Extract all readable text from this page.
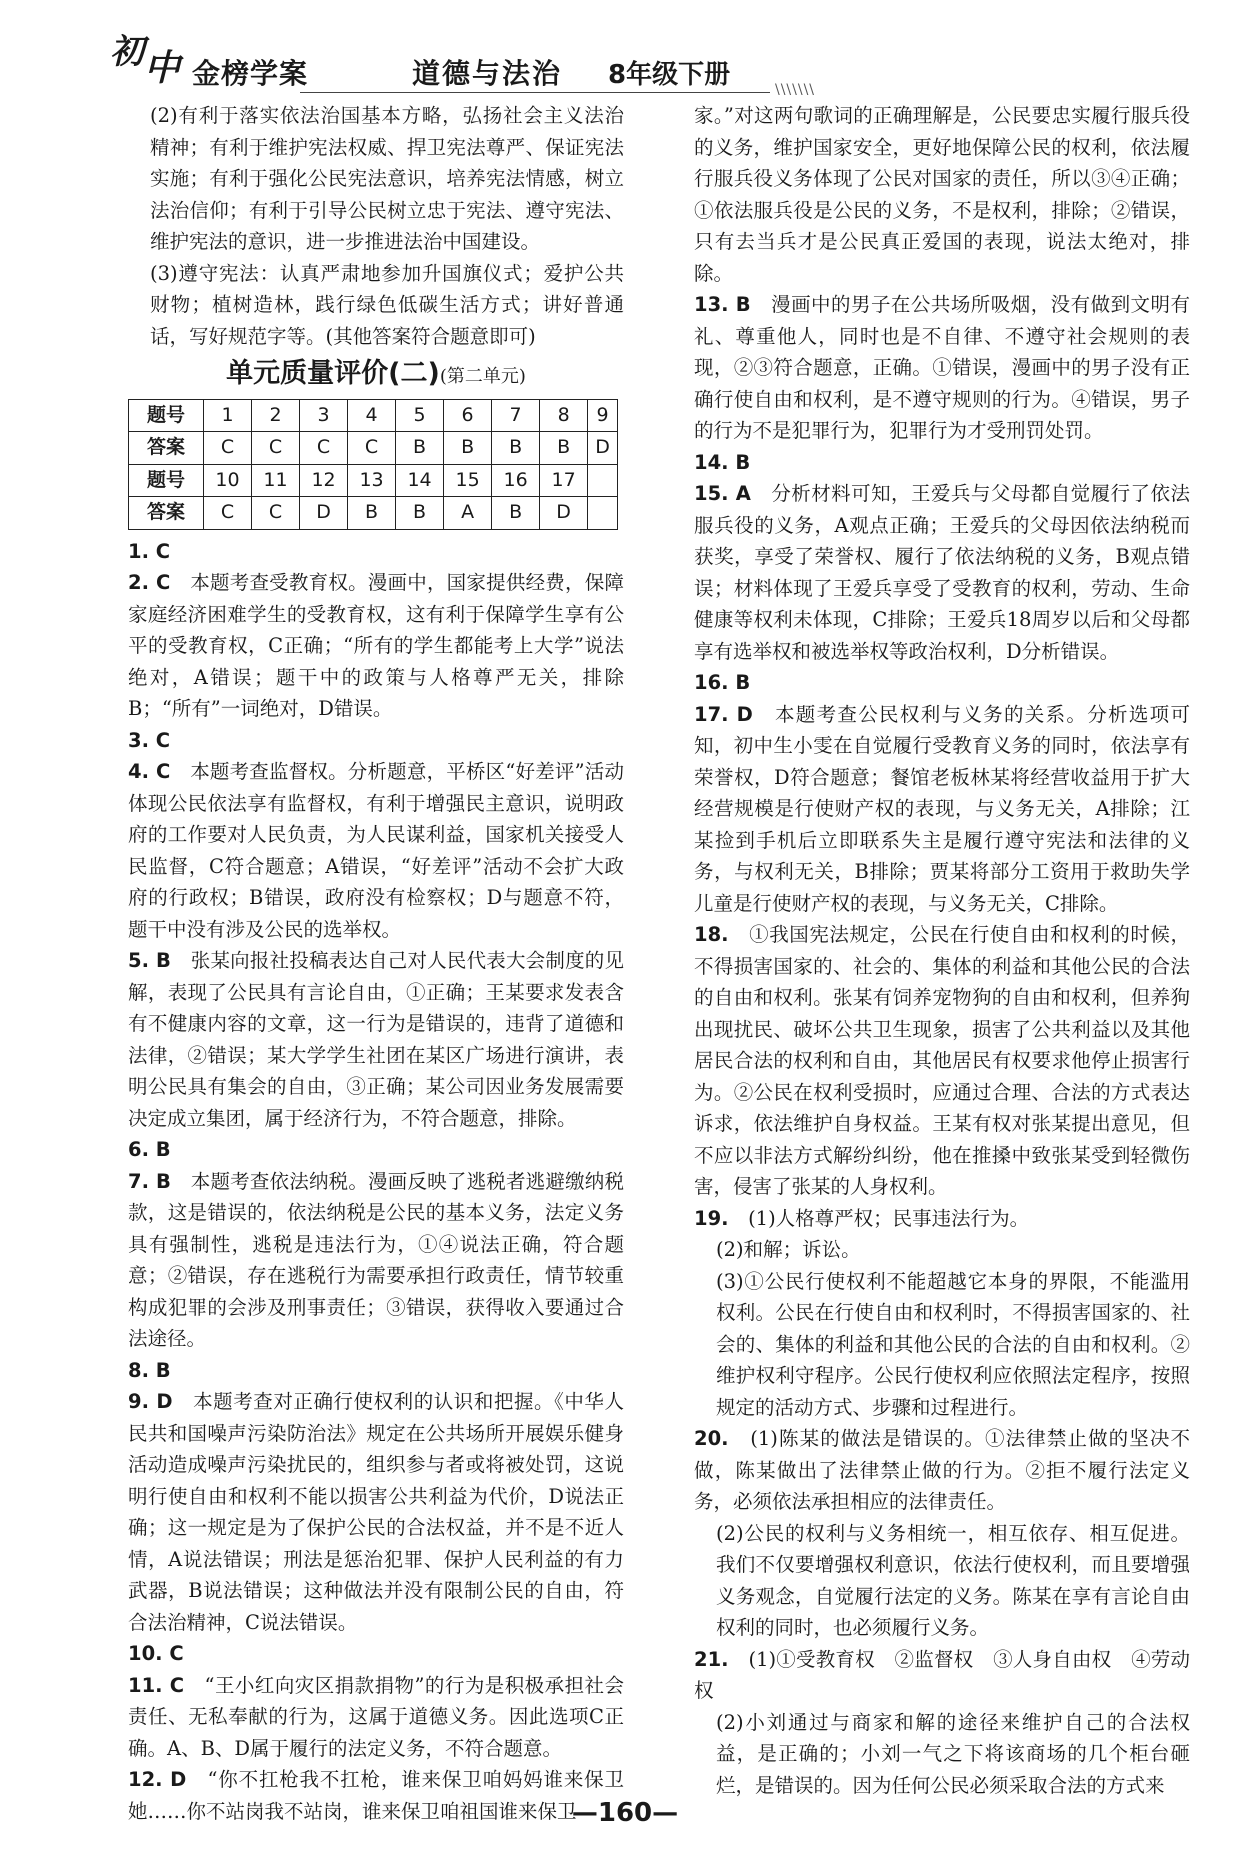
初 中 金榜学案	道德与法治 8年级下册	\\\\\\\

(2)有利于落实依法治国基本方略，弘扬社会主义法治精神；有利于维护宪法权威、捍卫宪法尊严、保证宪法实施；有利于强化公民宪法意识，培养宪法情感，树立法治信仰；有利于引导公民树立忠于宪法、遵守宪法、维护宪法的意识，进一步推进法治中国建设。

(3)遵守宪法：认真严肃地参加升国旗仪式；爱护公共财物；植树造林，践行绿色低碳生活方式；讲好普通话，写好规范字等。(其他答案符合题意即可)

单元质量评价(二)(第二单元)
题号	1	2	3	4	5	6	7	8	9
答案	C	C	C	C	B	B	B	B	D
题号	10	11	12	13	14	15	16	17	
答案	C	C	D	B	B	A	B	D	

1. C

2. C　 本题考查受教育权。漫画中，国家提供经费，保障家庭经济困难学生的受教育权，这有利于保障学生享有公平的受教育权，C正确；“所有的学生都能考上大学”说法绝对，A错误；题干中的政策与人格尊严无关，排除B；“所有”一词绝对，D错误。

3. C

4. C　 本题考查监督权。分析题意，平桥区“好差评”活动体现公民依法享有监督权，有利于增强民主意识，说明政府的工作要对人民负责，为人民谋利益，国家机关接受人民监督，C符合题意；A错误，“好差评”活动不会扩大政府的行政权；B错误，政府没有检察权；D与题意不符，题干中没有涉及公民的选举权。

5. B　 张某向报社投稿表达自己对人民代表大会制度的见解，表现了公民具有言论自由，①正确；王某要求发表含有不健康内容的文章，这一行为是错误的，违背了道德和法律，②错误；某大学学生社团在某区广场进行演讲，表明公民具有集会的自由，③正确；某公司因业务发展需要决定成立集团，属于经济行为，不符合题意，排除。

6. B

7. B　 本题考查依法纳税。漫画反映了逃税者逃避缴纳税款，这是错误的，依法纳税是公民的基本义务，法定义务具有强制性，逃税是违法行为，①④说法正确，符合题意；②错误，存在逃税行为需要承担行政责任，情节较重构成犯罪的会涉及刑事责任；③错误，获得收入要通过合法途径。

8. B

9. D　 本题考查对正确行使权利的认识和把握。《中华人民共和国噪声污染防治法》规定在公共场所开展娱乐健身活动造成噪声污染扰民的，组织参与者或将被处罚，这说明行使自由和权利不能以损害公共利益为代价，D说法正确；这一规定是为了保护公民的合法权益，并不是不近人情，A说法错误；刑法是惩治犯罪、保护人民利益的有力武器，B说法错误；这种做法并没有限制公民的自由，符合法治精神，C说法错误。

10. C

11. C　 “王小红向灾区捐款捐物”的行为是积极承担社会责任、无私奉献的行为，这属于道德义务。因此选项C正确。A、B、D属于履行的法定义务，不符合题意。

12. D　 “你不扛枪我不扛枪，谁来保卫咱妈妈谁来保卫她……你不站岗我不站岗，谁来保卫咱祖国谁来保卫

家。”对这两句歌词的正确理解是，公民要忠实履行服兵役的义务，维护国家安全，更好地保障公民的权利，依法履行服兵役义务体现了公民对国家的责任，所以③④正确；①依法服兵役是公民的义务，不是权利，排除；②错误，只有去当兵才是公民真正爱国的表现，说法太绝对，排除。

13. B　 漫画中的男子在公共场所吸烟，没有做到文明有礼、尊重他人，同时也是不自律、不遵守社会规则的表现，②③符合题意，正确。①错误，漫画中的男子没有正确行使自由和权利，是不遵守规则的行为。④错误，男子的行为不是犯罪行为，犯罪行为才受刑罚处罚。

14. B

15. A　 分析材料可知，王爱兵与父母都自觉履行了依法服兵役的义务，A观点正确；王爱兵的父母因依法纳税而获奖，享受了荣誉权、履行了依法纳税的义务，B观点错误；材料体现了王爱兵享受了受教育的权利，劳动、生命健康等权利未体现，C排除；王爱兵18周岁以后和父母都享有选举权和被选举权等政治权利，D分析错误。

16. B

17. D　 本题考查公民权利与义务的关系。分析选项可知，初中生小雯在自觉履行受教育义务的同时，依法享有荣誉权，D符合题意；餐馆老板林某将经营收益用于扩大经营规模是行使财产权的表现，与义务无关，A排除；江某捡到手机后立即联系失主是履行遵守宪法和法律的义务，与权利无关，B排除；贾某将部分工资用于救助失学儿童是行使财产权的表现，与义务无关，C排除。

18.　 ①我国宪法规定，公民在行使自由和权利的时候，不得损害国家的、社会的、集体的利益和其他公民的合法的自由和权利。张某有饲养宠物狗的自由和权利，但养狗出现扰民、破坏公共卫生现象，损害了公共利益以及其他居民合法的权利和自由，其他居民有权要求他停止损害行为。②公民在权利受损时，应通过合理、合法的方式表达诉求，依法维护自身权益。王某有权对张某提出意见，但不应以非法方式解纷纠纷，他在推搡中致张某受到轻微伤害，侵害了张某的人身权利。

19.　 (1)人格尊严权；民事违法行为。

(2)和解；诉讼。

(3)①公民行使权利不能超越它本身的界限，不能滥用权利。公民在行使自由和权利时，不得损害国家的、社会的、集体的利益和其他公民的合法的自由和权利。②维护权利守程序。公民行使权利应依照法定程序，按照规定的活动方式、步骤和过程进行。

20.　 (1)陈某的做法是错误的。①法律禁止做的坚决不做，陈某做出了法律禁止做的行为。②拒不履行法定义务，必须依法承担相应的法律责任。

(2)公民的权利与义务相统一，相互依存、相互促进。我们不仅要增强权利意识，依法行使权利，而且要增强义务观念，自觉履行法定的义务。陈某在享有言论自由权利的同时，也必须履行义务。

21.　 (1)①受教育权　②监督权　③人身自由权　④劳动权

(2)小刘通过与商家和解的途径来维护自己的合法权益，是正确的；小刘一气之下将该商场的几个柜台砸烂，是错误的。因为任何公民必须采取合法的方式来

—160—
